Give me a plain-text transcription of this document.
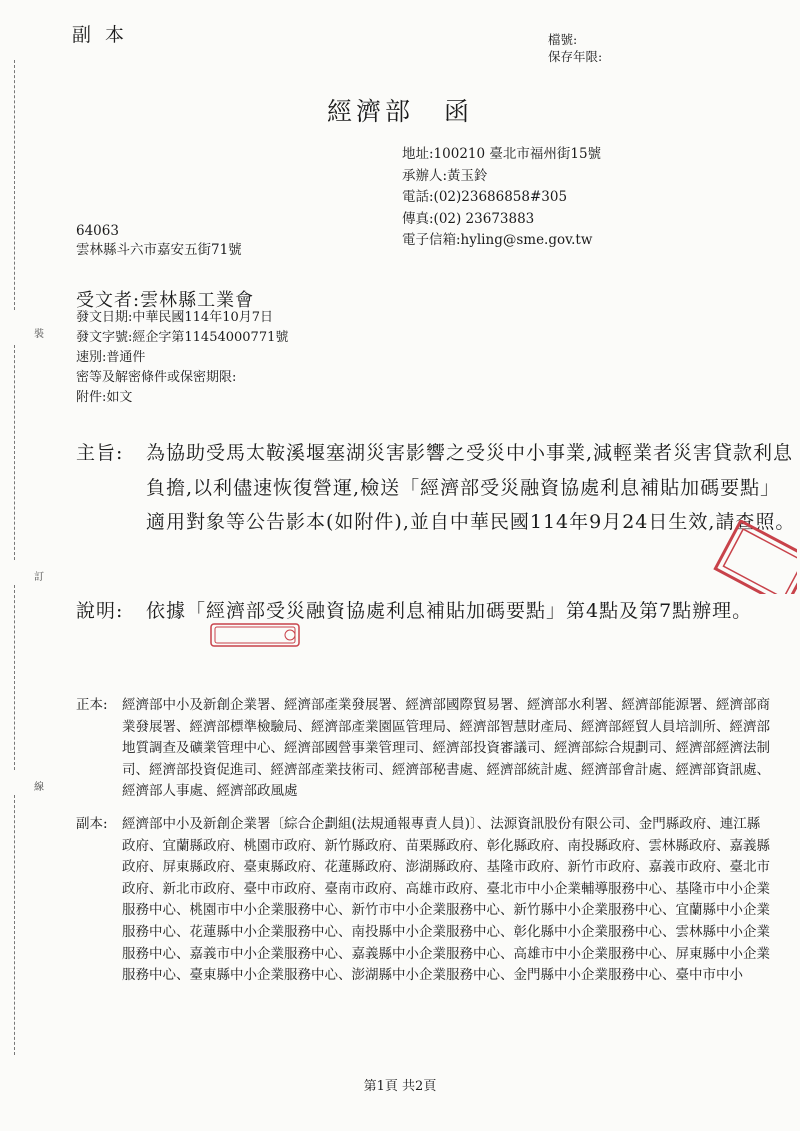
裝
訂
線
副本	檔號:
保存年限:
經濟部 函
地址:100210 臺北市福州街15號
承辦人:黃玉鈴
電話:(02)23686858#305
傳真:(02) 23673883
電子信箱:hyling@sme.gov.tw
64063
雲林縣斗六市嘉安五街71號
受文者:雲林縣工業會
發文日期:中華民國114年10月7日
發文字號:經企字第11454000771號
速別:普通件
密等及解密條件或保密期限:
附件:如文
主旨: 為協助受馬太鞍溪堰塞湖災害影響之受災中小事業,減輕業者災害貸款利息負擔,以利儘速恢復營運,檢送「經濟部受災融資協處利息補貼加碼要點」適用對象等公告影本(如附件),並自中華民國114年9月24日生效,請查照。
說明: 依據「經濟部受災融資協處利息補貼加碼要點」第4點及第7點辦理。
正本: 經濟部中小及新創企業署、經濟部產業發展署、經濟部國際貿易署、經濟部水利署、經濟部能源署、經濟部商業發展署、經濟部標準檢驗局、經濟部產業園區管理局、經濟部智慧財產局、經濟部經貿人員培訓所、經濟部地質調查及礦業管理中心、經濟部國營事業管理司、經濟部投資審議司、經濟部綜合規劃司、經濟部經濟法制司、經濟部投資促進司、經濟部產業技術司、經濟部秘書處、經濟部統計處、經濟部會計處、經濟部資訊處、經濟部人事處、經濟部政風處
副本: 經濟部中小及新創企業署〔綜合企劃組(法規通報專責人員)〕、法源資訊股份有限公司、金門縣政府、連江縣政府、宜蘭縣政府、桃園市政府、新竹縣政府、苗栗縣政府、彰化縣政府、南投縣政府、雲林縣政府、嘉義縣政府、屏東縣政府、臺東縣政府、花蓮縣政府、澎湖縣政府、基隆市政府、新竹市政府、嘉義市政府、臺北市政府、新北市政府、臺中市政府、臺南市政府、高雄市政府、臺北市中小企業輔導服務中心、基隆市中小企業服務中心、桃園市中小企業服務中心、新竹市中小企業服務中心、新竹縣中小企業服務中心、宜蘭縣中小企業服務中心、花蓮縣中小企業服務中心、南投縣中小企業服務中心、彰化縣中小企業服務中心、雲林縣中小企業服務中心、嘉義市中小企業服務中心、嘉義縣中小企業服務中心、高雄市中小企業服務中心、屏東縣中小企業服務中心、臺東縣中小企業服務中心、澎湖縣中小企業服務中心、金門縣中小企業服務中心、臺中市中小
第1頁 共2頁
